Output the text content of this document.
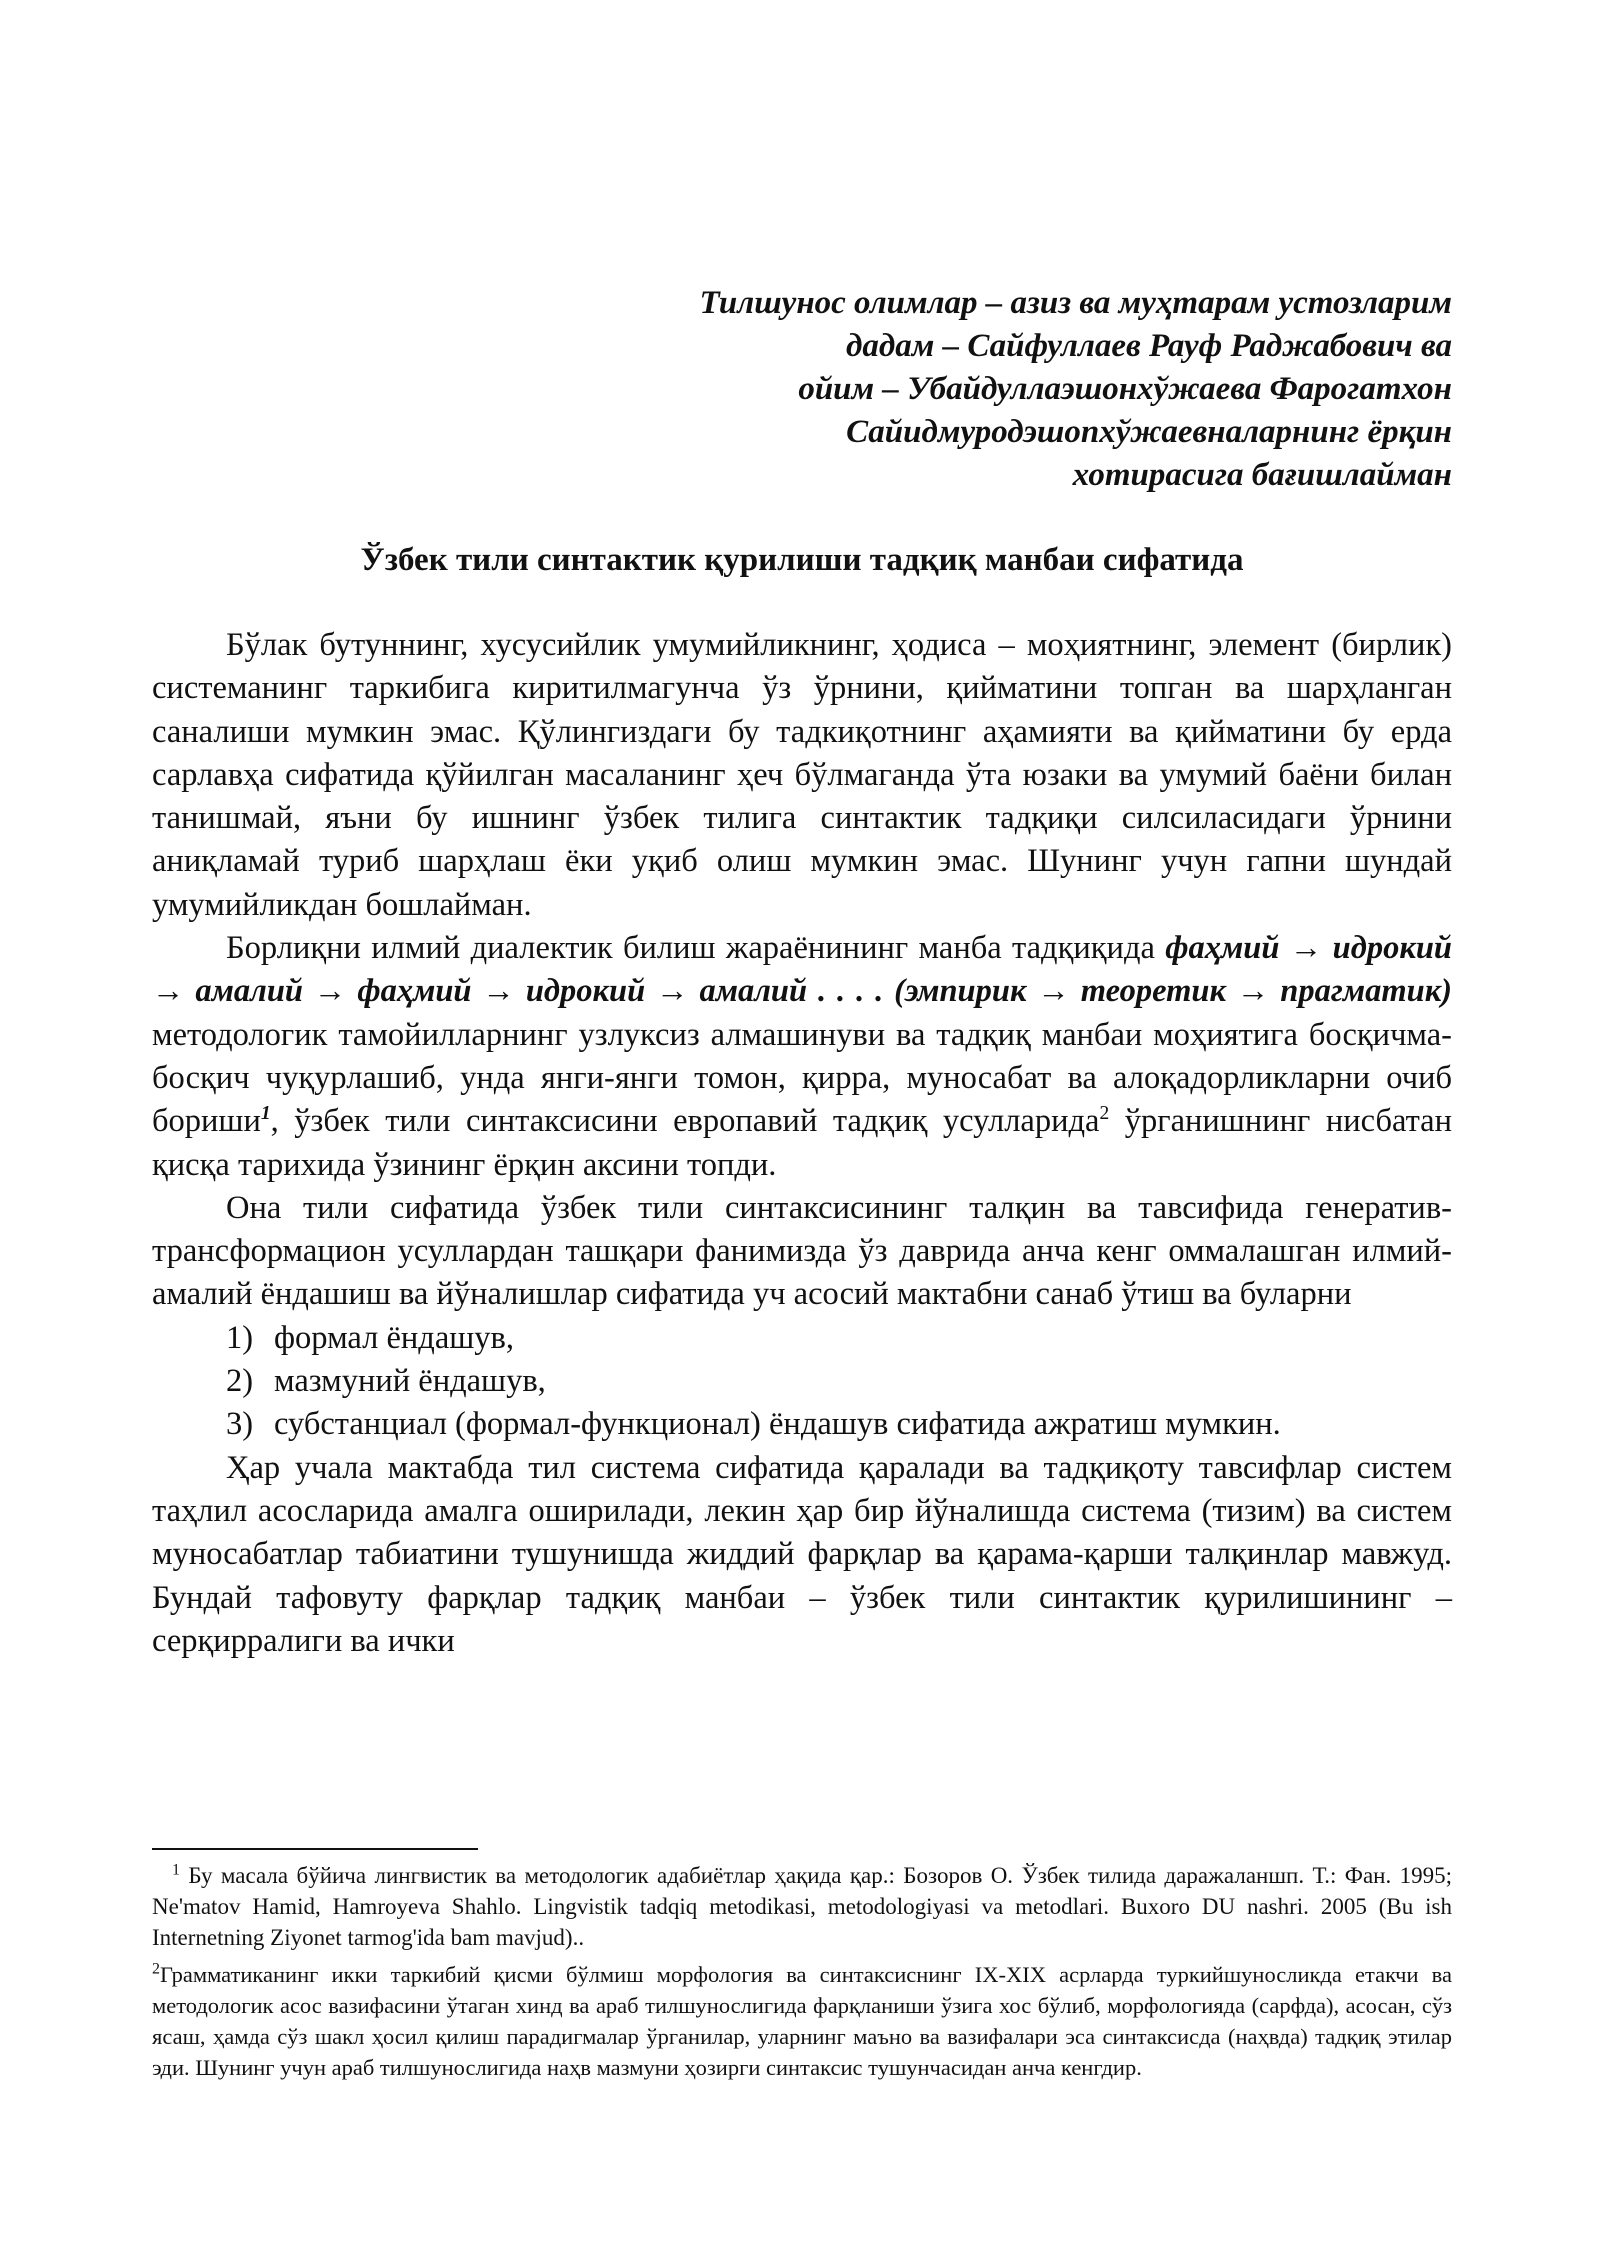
Тилшунос олимлар – азиз ва муҳтарам устозларим
дадам – Сайфуллаев Рауф Раджабович ва
ойим – Убайдуллаэшонхўжаева Фарогатхон
Сайидмуродэшопхўжаевналарнинг ёрқин
хотирасига бағишлайман
Ўзбек тили синтактик қурилиши тадқиқ манбаи сифатида

Бўлак бутуннинг, хусусийлик умумийликнинг, ҳодиса – моҳиятнинг, элемент (бирлик) системанинг таркибига киритилмагунча ўз ўрнини, қийматини топган ва шарҳланган саналиши мумкин эмас. Қўлингиздаги бу тадкиқотнинг аҳамияти ва қийматини бу ерда сарлавҳа сифатида қўйилган масаланинг ҳеч бўлмаганда ўта юзаки ва умумий баёни билан танишмай, яъни бу ишнинг ўзбек тилига синтактик тадқиқи силсиласидаги ўрнини аниқламай туриб шарҳлаш ёки уқиб олиш мумкин эмас. Шунинг учун гапни шундай умумийликдан бошлайман.

Борлиқни илмий диалектик билиш жараёнининг манба тадқиқида фаҳмий → идрокий → амалий → фаҳмий → идрокий → амалий . . . . (эмпирик → теоретик → прагматик) методологик тамойилларнинг узлуксиз алмашинуви ва тадқиқ манбаи моҳиятига босқичма-босқич чуқурлашиб, унда янги-янги томон, қирра, муносабат ва алоқадорликларни очиб бориши$^1$, ўзбек тили синтаксисини европавий тадқиқ усулларида$^2$ ўрганишнинг нисбатан қисқа тарихида ўзининг ёрқин аксини топди.

Она тили сифатида ўзбек тили синтаксисининг талқин ва тавсифида генератив-трансформацион усуллардан ташқари фанимизда ўз даврида анча кенг оммалашган илмий-амалий ёндашиш ва йўналишлар сифатида уч асосий мактабни санаб ўтиш ва буларни

1) формал ёндашув,
2) мазмуний ёндашув,
3) субстанциал (формал-функционал) ёндашув сифатида ажратиш мумкин.

Ҳар учала мактабда тил система сифатида қаралади ва тадқиқоту тавсифлар систем таҳлил асосларида амалга оширилади, лекин ҳар бир йўналишда система (тизим) ва систем муносабатлар табиатини тушунишда жиддий фарқлар ва қарама-қарши талқинлар мавжуд. Бундай тафовуту фарқлар тадқиқ манбаи – ўзбек тили синтактик қурилишининг – серқирралиги ва ички

$^1$ Бу масала бўйича лингвистик ва методологик адабиётлар ҳақида қар.: Бозоров О. Ўзбек тилида даражаланшп. Т.: Фан. 1995; Ne'matov Hamid, Hamroyeva Shahlo. Lingvistik tadqiq metodikasi, metodologiyasi va metodlari. Buxoro DU nashri. 2005 (Bu ish Internetning Ziyonet tarmog'ida bam mavjud)..

$^2$Грамматиканинг икки таркибий қисми бўлмиш морфология ва синтаксиснинг IX-XIX асрларда туркийшуносликда етакчи ва методологик асос вазифасини ўтаган хинд ва араб тилшунослигида фарқланиши ўзига хос бўлиб, морфологияда (сарфда), асосан, сўз ясаш, ҳамда сўз шакл ҳосил қилиш парадигмалар ўрганилар, уларнинг маъно ва вазифалари эса синтаксисда (наҳвда) тадқиқ этилар эди. Шунинг учун араб тилшунослигида наҳв мазмуни ҳозирги синтаксис тушунчасидан анча кенгдир.
